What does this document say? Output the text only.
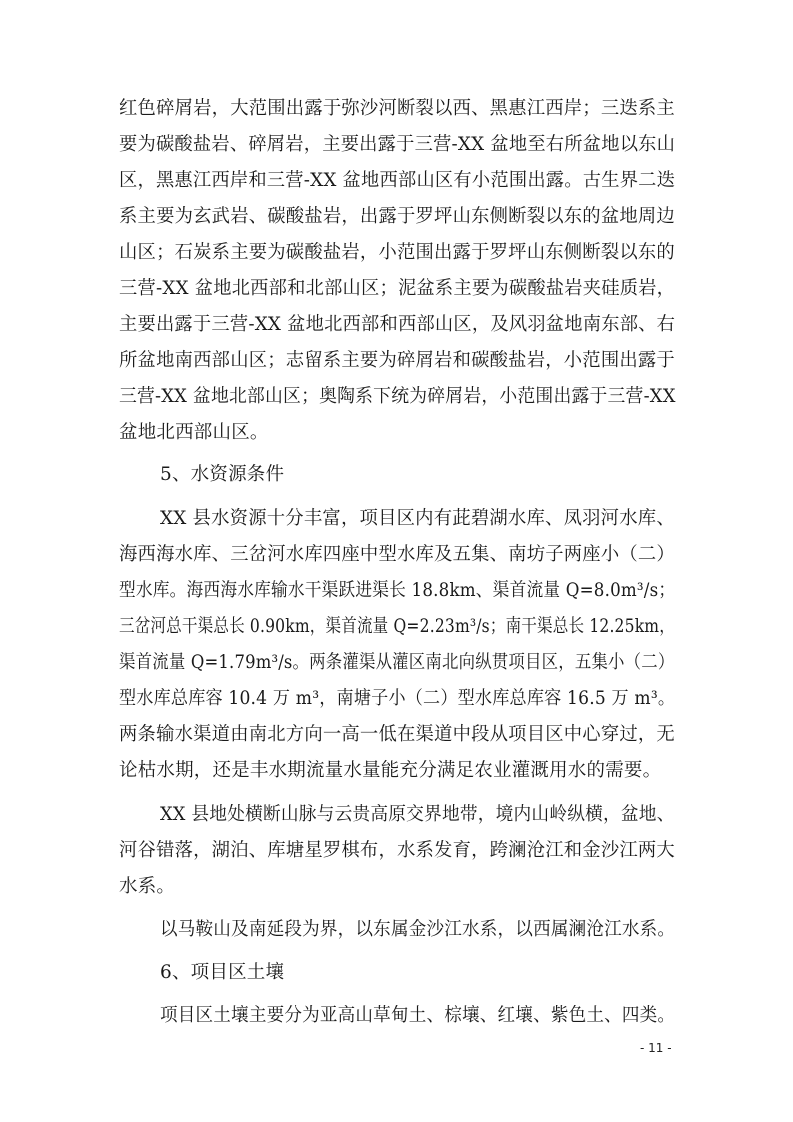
红色碎屑岩，大范围出露于弥沙河断裂以西、黑惠江西岸；三迭系主
要为碳酸盐岩、碎屑岩，主要出露于三营-XX 盆地至右所盆地以东山
区，黑惠江西岸和三营-XX 盆地西部山区有小范围出露。古生界二迭
系主要为玄武岩、碳酸盐岩，出露于罗坪山东侧断裂以东的盆地周边
山区；石炭系主要为碳酸盐岩，小范围出露于罗坪山东侧断裂以东的
三营-XX 盆地北西部和北部山区；泥盆系主要为碳酸盐岩夹硅质岩，
主要出露于三营-XX 盆地北西部和西部山区，及风羽盆地南东部、右
所盆地南西部山区；志留系主要为碎屑岩和碳酸盐岩，小范围出露于
三营-XX 盆地北部山区；奥陶系下统为碎屑岩，小范围出露于三营-XX
盆地北西部山区。
5、水资源条件
XX 县水资源十分丰富，项目区内有茈碧湖水库、凤羽河水库、
海西海水库、三岔河水库四座中型水库及五集、南坊子两座小（二）
型水库。海西海水库输水干渠跃进渠长 18.8km、渠首流量 Q=8.0m³/s；
三岔河总干渠总长 0.90km，渠首流量 Q=2.23m³/s；南干渠总长 12.25km，
渠首流量 Q=1.79m³/s。两条灌渠从灌区南北向纵贯项目区，五集小（二）
型水库总库容 10.4 万 m³，南塘子小（二）型水库总库容 16.5 万 m³。
两条输水渠道由南北方向一高一低在渠道中段从项目区中心穿过，无
论枯水期，还是丰水期流量水量能充分满足农业灌溉用水的需要。
XX 县地处横断山脉与云贵高原交界地带，境内山岭纵横，盆地、
河谷错落，湖泊、库塘星罗棋布，水系发育，跨澜沧江和金沙江两大
水系。
以马鞍山及南延段为界，以东属金沙江水系，以西属澜沧江水系。
6、项目区土壤
项目区土壤主要分为亚高山草甸土、棕壤、红壤、紫色土、四类。
- 11 -
